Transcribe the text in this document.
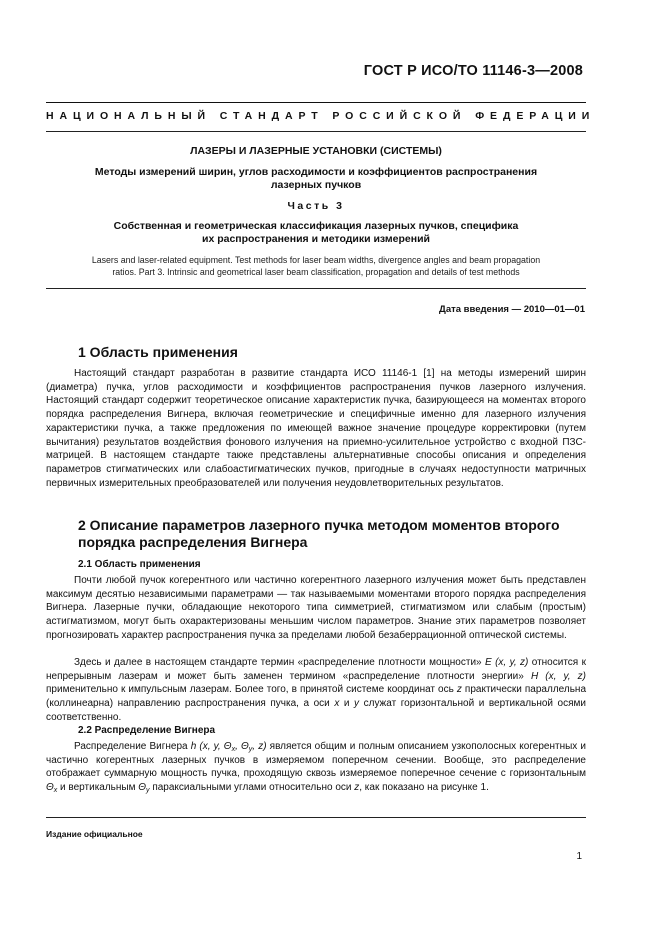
ГОСТ Р ИСО/ТО 11146-3—2008
НАЦИОНАЛЬНЫЙ СТАНДАРТ РОССИЙСКОЙ ФЕДЕРАЦИИ
ЛАЗЕРЫ И ЛАЗЕРНЫЕ УСТАНОВКИ (СИСТЕМЫ)
Методы измерений ширин, углов расходимости и коэффициентов распространения
лазерных пучков
Часть 3
Собственная и геометрическая классификация лазерных пучков, специфика
их распространения и методики измерений
Lasers and laser-related equipment. Test methods for laser beam widths, divergence angles and beam propagation
ratios. Part 3. Intrinsic and geometrical laser beam classification, propagation and details of test methods
Дата введения — 2010—01—01
1 Область применения
Настоящий стандарт разработан в развитие стандарта ИСО 11146-1 [1] на методы измерений ширин (диаметра) пучка, углов расходимости и коэффициентов распространения пучков лазерного излучения. Настоящий стандарт содержит теоретическое описание характеристик пучка, базирующееся на моментах второго порядка распределения Вигнера, включая геометрические и специфичные именно для лазерного излучения характеристики пучка, а также предложения по имеющей важное значение процедуре корректировки (путем вычитания) результатов воздействия фонового излучения на приемно-усилительное устройство с входной ПЗС-матрицей. В настоящем стандарте также представлены альтернативные способы описания и определения параметров стигматических или слабоастигматических пучков, пригодные в случаях недоступности матричных первичных измерительных преобразователей или получения неудовлетворительных результатов.
2 Описание параметров лазерного пучка методом моментов второго
порядка распределения Вигнера
2.1 Область применения
Почти любой пучок когерентного или частично когерентного лазерного излучения может быть представлен максимум десятью независимыми параметрами — так называемыми моментами второго порядка распределения Вигнера. Лазерные пучки, обладающие некоторого типа симметрией, стигматизмом или слабым (простым) астигматизмом, могут быть охарактеризованы меньшим числом параметров. Знание этих параметров позволяет прогнозировать характер распространения пучка за пределами любой безаберрационной оптической системы.
Здесь и далее в настоящем стандарте термин «распределение плотности мощности» E (x, y, z) относится к непрерывным лазерам и может быть заменен термином «распределение плотности энергии» H (x, y, z) применительно к импульсным лазерам. Более того, в принятой системе координат ось z практически параллельна (коллинеарна) направлению распространения пучка, а оси x и y служат горизонтальной и вертикальной осями соответственно.
2.2 Распределение Вигнера
Распределение Вигнера h (x, y, $\Theta_x$, $\Theta_y$, z) является общим и полным описанием узкополосных когерентных и частично когерентных лазерных пучков в измеряемом поперечном сечении. Вообще, это распределение отображает суммарную мощность пучка, проходящую сквозь измеряемое поперечное сечение с горизонтальным $\Theta_x$ и вертикальным $\Theta_y$ параксиальными углами относительно оси z, как показано на рисунке 1.
Издание официальное
1
